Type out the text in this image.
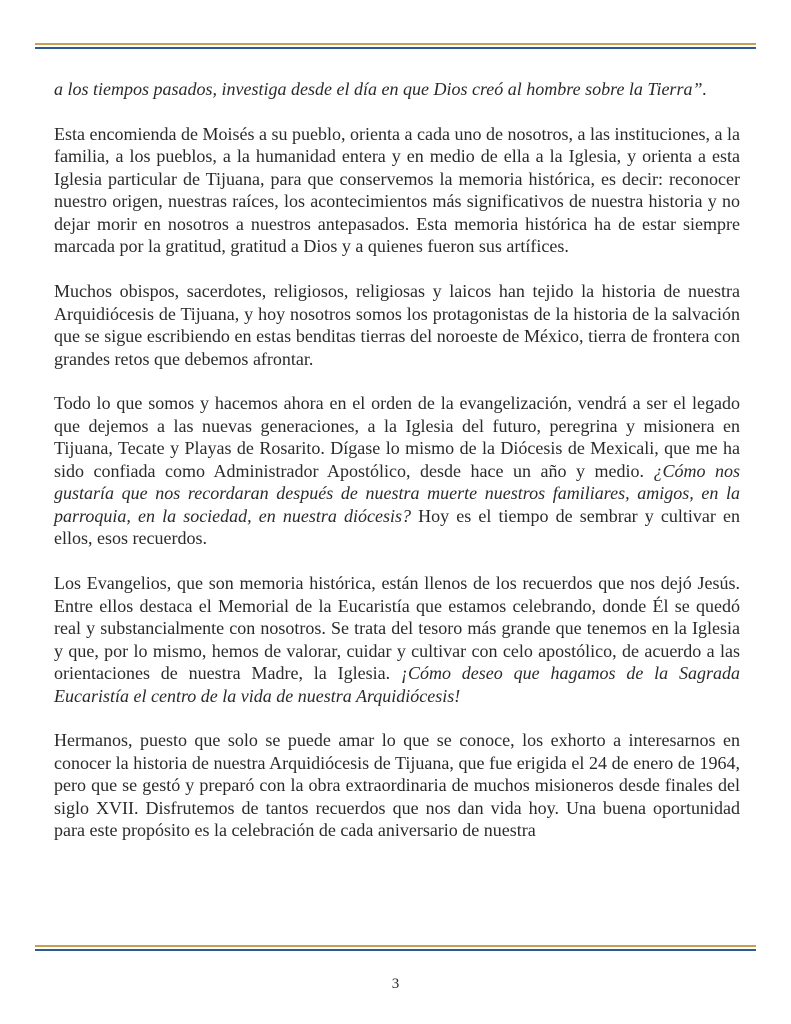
a los tiempos pasados, investiga desde el día en que Dios creó al hombre sobre la Tierra”.

Esta encomienda de Moisés a su pueblo, orienta a cada uno de nosotros, a las instituciones, a la familia, a los pueblos, a la humanidad entera y en medio de ella a la Iglesia, y orienta a esta Iglesia particular de Tijuana, para que conservemos la memoria histórica, es decir: reconocer nuestro origen, nuestras raíces, los acontecimientos más significativos de nuestra historia y no dejar morir en nosotros a nuestros antepasados. Esta memoria histórica ha de estar siempre marcada por la gratitud, gratitud a Dios y a quienes fueron sus artífices.

Muchos obispos, sacerdotes, religiosos, religiosas y laicos han tejido la historia de nuestra Arquidiócesis de Tijuana, y hoy nosotros somos los protagonistas de la historia de la salvación que se sigue escribiendo en estas benditas tierras del noroeste de México, tierra de frontera con grandes retos que debemos afrontar.

Todo lo que somos y hacemos ahora en el orden de la evangelización, vendrá a ser el legado que dejemos a las nuevas generaciones, a la Iglesia del futuro, peregrina y misionera en Tijuana, Tecate y Playas de Rosarito. Dígase lo mismo de la Diócesis de Mexicali, que me ha sido confiada como Administrador Apostólico, desde hace un año y medio. ¿Cómo nos gustaría que nos recordaran después de nuestra muerte nuestros familiares, amigos, en la parroquia, en la sociedad, en nuestra diócesis? Hoy es el tiempo de sembrar y cultivar en ellos, esos recuerdos.

Los Evangelios, que son memoria histórica, están llenos de los recuerdos que nos dejó Jesús. Entre ellos destaca el Memorial de la Eucaristía que estamos celebrando, donde Él se quedó real y substancialmente con nosotros. Se trata del tesoro más grande que tenemos en la Iglesia y que, por lo mismo, hemos de valorar, cuidar y cultivar con celo apostólico, de acuerdo a las orientaciones de nuestra Madre, la Iglesia. ¡Cómo deseo que hagamos de la Sagrada Eucaristía el centro de la vida de nuestra Arquidiócesis!

Hermanos, puesto que solo se puede amar lo que se conoce, los exhorto a interesarnos en conocer la historia de nuestra Arquidiócesis de Tijuana, que fue erigida el 24 de enero de 1964, pero que se gestó y preparó con la obra extraordinaria de muchos misioneros desde finales del siglo XVII. Disfrutemos de tantos recuerdos que nos dan vida hoy. Una buena oportunidad para este propósito es la celebración de cada aniversario de nuestra

3
